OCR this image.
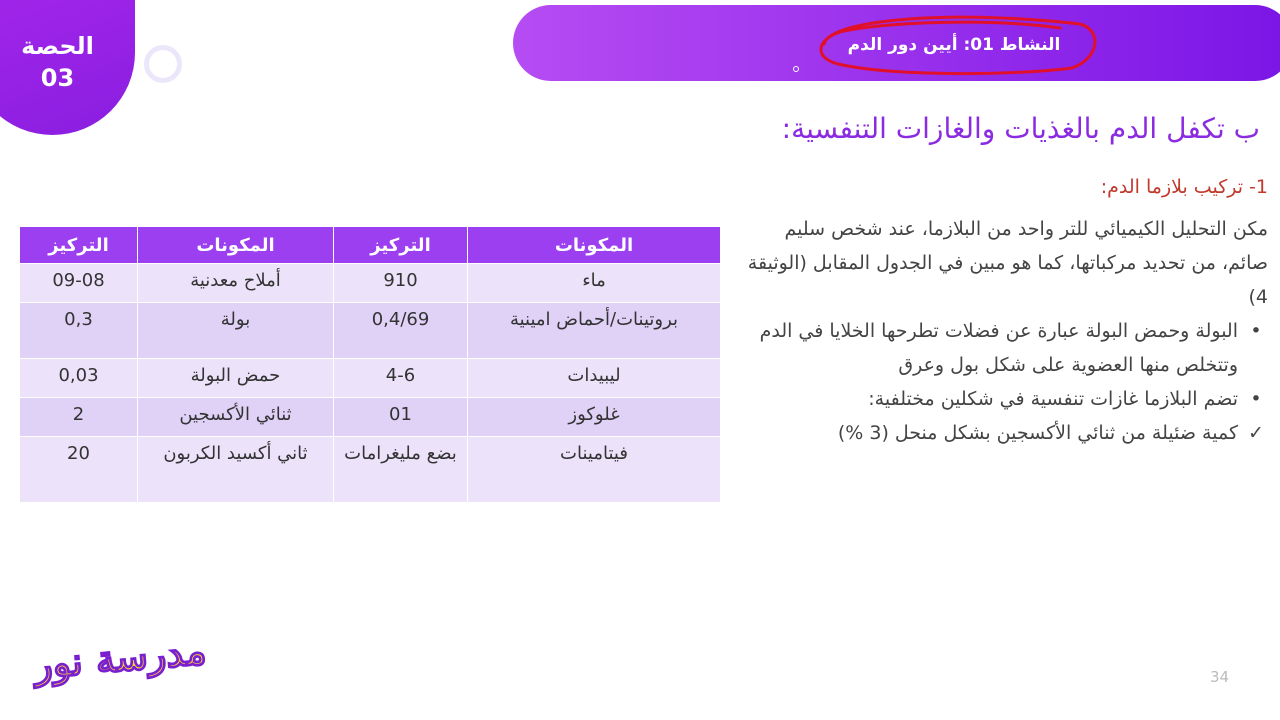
الحصة
03
النشاط 01: أيين دور الدم
ب تكفل الدم بالغذيات والغازات التنفسية:
1- تركيب بلازما الدم:

مكن التحليل الكيميائي للتر واحد من البلازما، عند شخص سليم صائم، من تحديد مركباتها، كما هو مبين في الجدول المقابل (الوثيقة 4)

•
البولة وحمض البولة عبارة عن فضلات تطرحها الخلايا في الدم وتتخلص منها العضوية على شكل بول وعرق
•
تضم البلازما غازات تنفسية في شكلين مختلفية:
✓
كمية ضئيلة من ثنائي الأكسجين بشكل منحل (3 %)
المكونات	التركيز	المكونات	التركيز
ماء	910	أملاح معدنية	09-08
بروتينات/أحماض امينية	0,4/69	بولة	0,3
ليبيدات	4-6	حمض البولة	0,03
غلوكوز	01	ثنائي الأكسجين	2
فيتامينات	بضع مليغرامات	ثاني أكسيد الكربون	20
34
مدرسة نور
